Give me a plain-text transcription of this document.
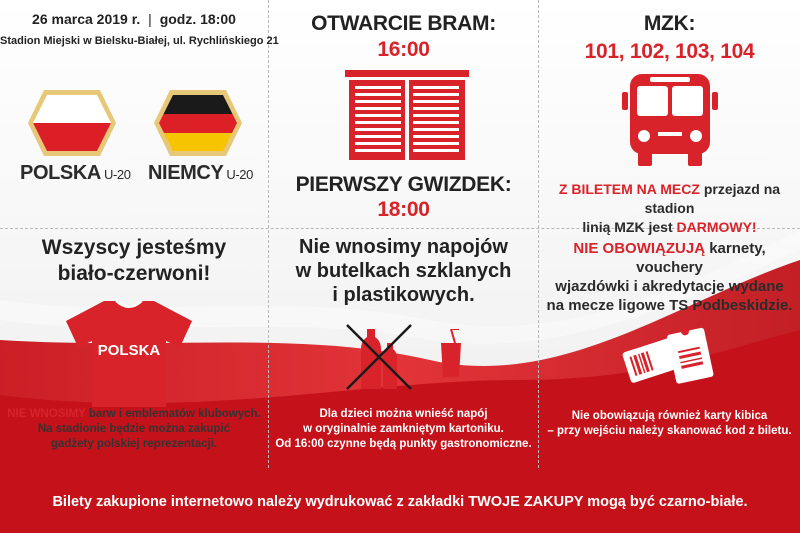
26 marca 2019 r. | godz. 18:00
Stadion Miejski w Bielsku-Białej, ul. Rychlińskiego 21
POLSKA U-20 NIEMCY U-20
OTWARCIE BRAM:
16:00
PIERWSZY GWIZDEK:
18:00
MZK:
101, 102, 103, 104
Z BILETEM NA MECZ przejazd na stadion
linią MZK jest DARMOWY!
Wszyscy jesteśmy
biało-czerwoni!
POLSKA
NIE WNOSIMY barw i emblematów klubowych.
Na stadionie będzie można zakupić
gadżety polskiej reprezentacji.
Nie wnosimy napojów
w butelkach szklanych
i plastikowych.
Dla dzieci można wnieść napój
w oryginalnie zamkniętym kartoniku.
Od 16:00 czynne będą punkty gastronomiczne.
NIE OBOWIĄZUJĄ karnety, vouchery
wjazdówki i akredytacje wydane
na mecze ligowe TS Podbeskidzie.
Nie obowiązują również karty kibica
– przy wejściu należy skanować kod z biletu.
Bilety zakupione internetowo należy wydrukować z zakładki TWOJE ZAKUPY mogą być czarno-białe.
